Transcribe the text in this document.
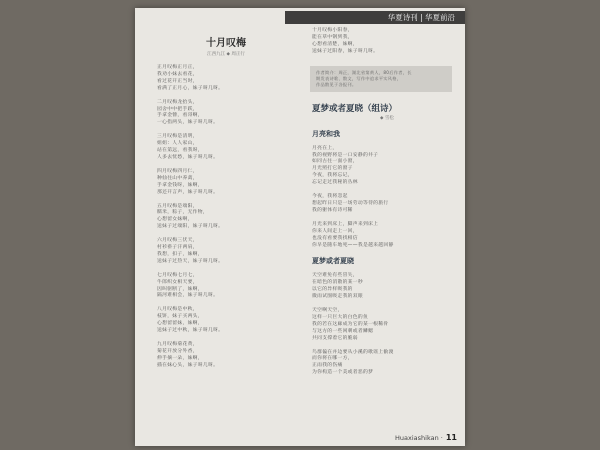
华夏诗刊 | 华夏前沿
十月叹梅
江西九江 ◆ 周正行
正月叹梅正月正，
我劝小妹去看花，
看过花开正当时，
看满了正月心，妹子呀几呀。
二月叹梅龙抬头，
园舍中中把手跃，
手拿金簪，看哥啊，
一心指两头，妹子呀几呀。
三月叹梅是清明，
姐姐：人人家山，
站在第远，看我呀，
人多去忧愁，妹子呀几呀。
四月叹梅四月仁，
种仙往山中养禽，
手拿金钱呀，妹啊，
那还开言声，妹子呀几呀。
五月叹梅是端阳，
糯米，粽子，无作物，
心想留女妹啊，
送妹子过端阳，妹子呀几呀。
六月叹梅三伏天，
村衫褂子汗两肩，
我想，扣子，妹啊，
送妹子过热天，妹子呀几呀。
七月叹梅七月七，
牛郎织女相天要，
因叫驱断了，妹啊，
隔河难相会，妹子呀几呀。
八月叹梅是中秋，
枝饼，妹子买两头，
心想留留妹，妹啊，
送妹子过中秋，妹子呀几呀。
九月叹梅菊花黄，
菊花开放分外香，
伸手摘一朵，妹啊，
插在妹心头，妹子呀几呀。
十月叹梅小阳春，
能在草中钢到我，
心想看清楚，妹啊，
送妹子过阳春，妹子呀几呀。
作者简介：周正，湖北省第黄人，80后作者，长
期发表诗歌、散文，写作中追求平实风格，
作品散见于各报刊。
夏梦或者夏晓（组诗）
◆ 雪松
月亮和我
月亮在上，
我的视野将是一口安静的井子
如同古往一面小窗，
月光照打它的窗子
今夜，我将忘记，
忘记走过我秘的丛林
今夜，我将忽起
想起昨日只是一场劳动等待的旅行
我的躯体有诗可稀
月光来到床上，脚声来到床上
你来人间走上一回，
也没有看要我找相信
你早是随车地死——我是越来越回静
夏梦或者夏晓
天空难免有些冒失，
在暗色的消散的某一秒
以它的异样吸我的
微雨试图吸走我的双眼
天空啊天空，
这样一只巨大的白色的鱼
我的若在这廊成为它的某一根稀骨
与这方的一些闲刺或者鳞鳃
共同支撑着它的脆弱
鸟群偏在并边要从小溪的歌谣上偷渡
而你将在哪一方，
正雨我的伤痛
为你构造一个美或者恶的梦
Huaxiashikan · 11
